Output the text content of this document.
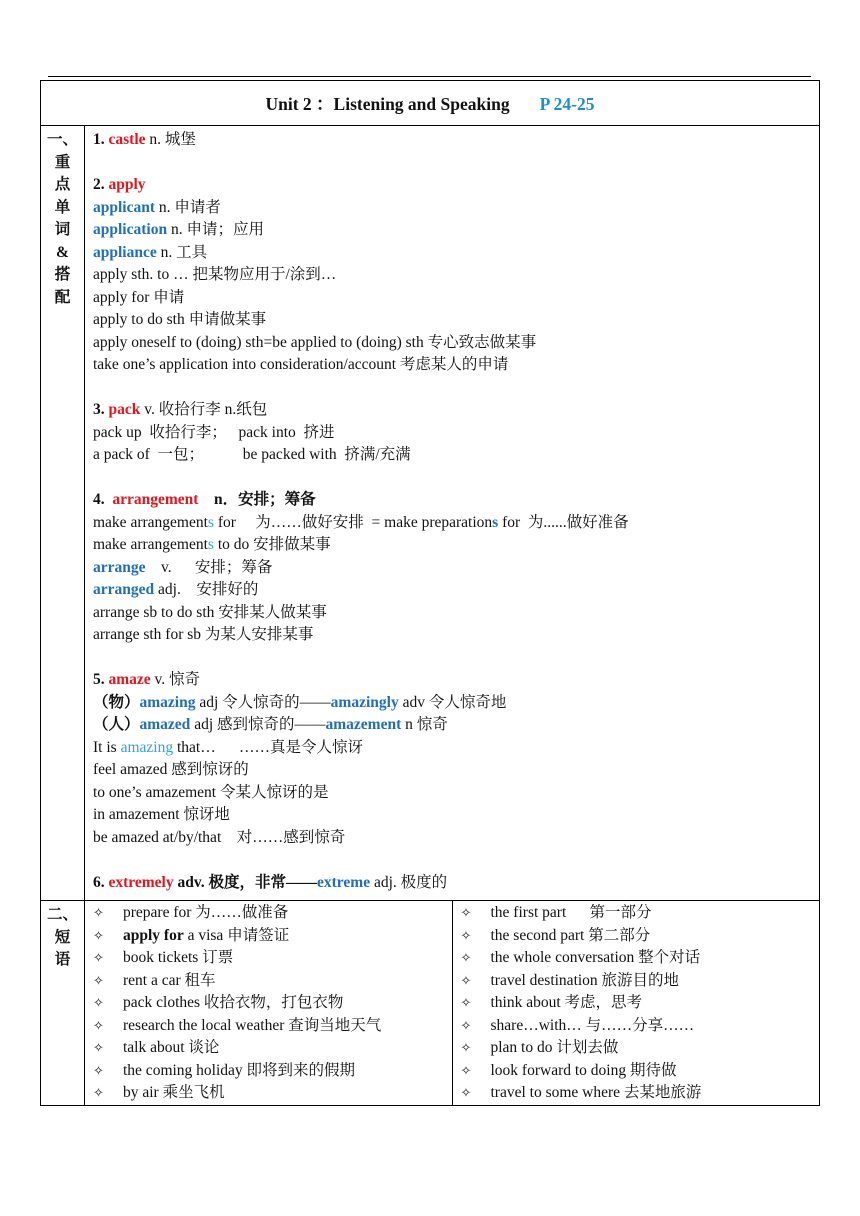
Unit 2 ：Listening and Speaking P 24-25

一、
重
点
单
词
&
搭
配

1. castle n. 城堡
2. apply
applicant n. 申请者
application n. 申请；应用
appliance n. 工具
apply sth. to … 把某物应用于/涂到…
apply for 申请
apply to do sth 申请做某事
apply oneself to (doing) sth=be applied to (doing) sth 专心致志做某事
take one’s application into consideration/account 考虑某人的申请
3. pack v. 收拾行李 n.纸包
pack up  收拾行李；   pack into  挤进
a pack of  一包；          be packed with  挤满/充满
4. arrangement    n．安排；筹备
make arrangements for     为……做好安排  = make preparations for  为......做好准备
make arrangements to do 安排做某事
arrange    v.      安排；筹备
arranged adj.    安排好的
arrange sb to do sth 安排某人做某事
arrange sth for sb 为某人安排某事
5. amaze v. 惊奇
（物）amazing adj 令人惊奇的——amazingly adv 令人惊奇地
（人）amazed adj 感到惊奇的——amazement n 惊奇
It is amazing that…      ……真是令人惊讶
feel amazed 感到惊讶的
to one’s amazement 令某人惊讶的是
in amazement 惊讶地
be amazed at/by/that    对……感到惊奇
6. extremely adv. 极度，非常——extreme adj. 极度的

二、
短
语

✧ prepare for 为……做准备
✧ apply for a visa 申请签证
✧ book tickets 订票
✧ rent a car 租车
✧ pack clothes 收拾衣物，打包衣物
✧ research the local weather 查询当地天气
✧ talk about 谈论
✧ the coming holiday 即将到来的假期
✧ by air 乘坐飞机

✧ the first part      第一部分
✧ the second part 第二部分
✧ the whole conversation 整个对话
✧ travel destination 旅游目的地
✧ think about 考虑，思考
✧ share…with… 与……分享……
✧ plan to do 计划去做
✧ look forward to doing 期待做
✧ travel to some where 去某地旅游
